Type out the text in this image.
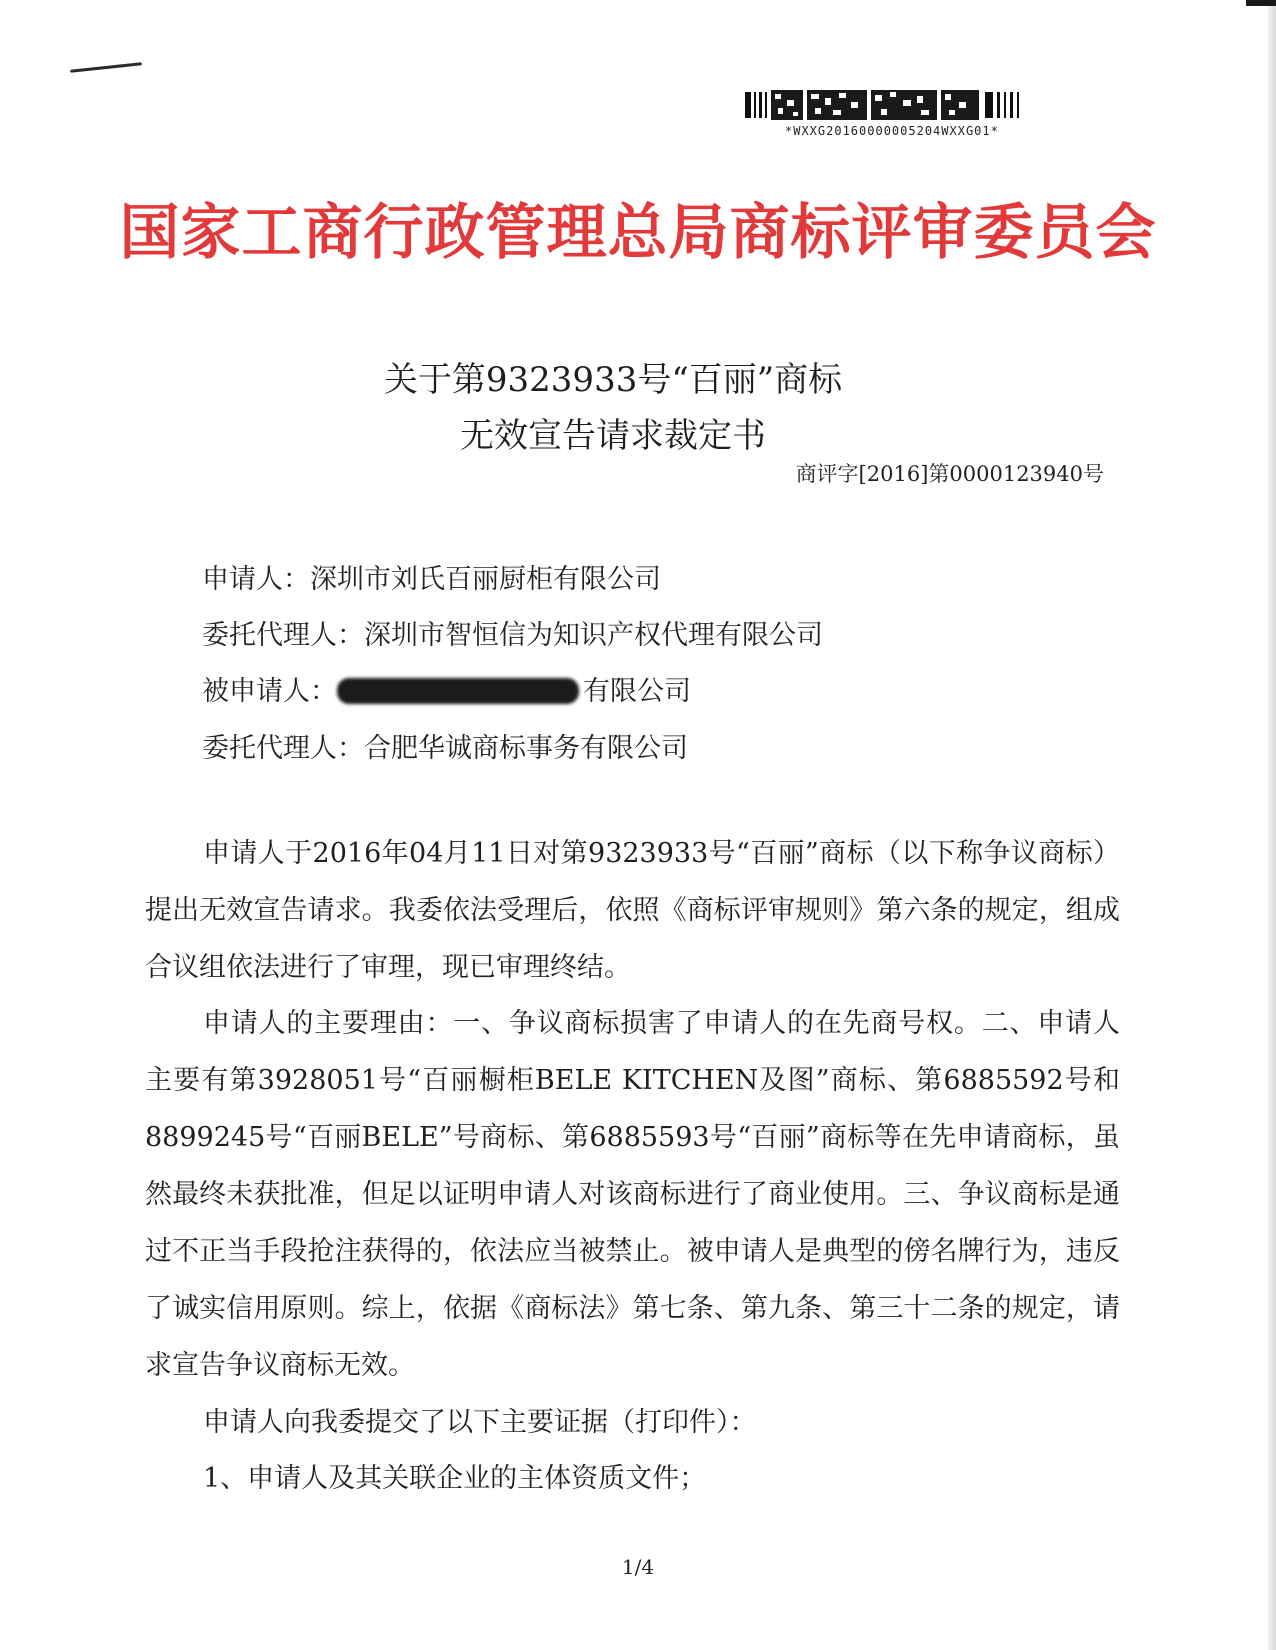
*WXXG20160000005204WXXG01*
国家工商行政管理总局商标评审委员会
关于第9323933号“百丽”商标
无效宣告请求裁定书
商评字[2016]第0000123940号
申请人：深圳市刘氏百丽厨柜有限公司
委托代理人：深圳市智恒信为知识产权代理有限公司
被申请人：	有限公司
委托代理人：合肥华诚商标事务有限公司

申请人于2016年04月11日对第9323933号“百丽”商标（以下称争议商标）提出无效宣告请求。我委依法受理后，依照《商标评审规则》第六条的规定，组成合议组依法进行了审理，现已审理终结。

申请人的主要理由：一、争议商标损害了申请人的在先商号权。二、申请人主要有第3928051号“百丽橱柜BELE KITCHEN及图”商标、第6885592号和8899245号“百丽BELE”号商标、第6885593号“百丽”商标等在先申请商标，虽然最终未获批准，但足以证明申请人对该商标进行了商业使用。三、争议商标是通过不正当手段抢注获得的，依法应当被禁止。被申请人是典型的傍名牌行为，违反了诚实信用原则。综上，依据《商标法》第七条、第九条、第三十二条的规定，请求宣告争议商标无效。

申请人向我委提交了以下主要证据（打印件）：

1、申请人及其关联企业的主体资质文件；

1/4
